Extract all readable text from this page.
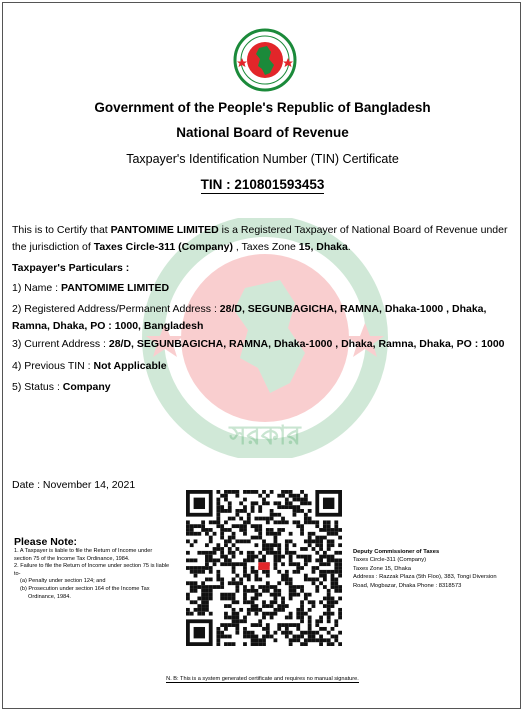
সরকার
Government of the People's Republic of Bangladesh
National Board of Revenue
Taxpayer's Identification Number (TIN) Certificate
TIN : 210801593453
This is to Certify that PANTOMIME LIMITED is a Registered Taxpayer of National Board of Revenue under the jurisdiction of Taxes Circle-311 (Company) , Taxes Zone 15, Dhaka.
Taxpayer's Particulars :
1) Name : PANTOMIME LIMITED
2) Registered Address/Permanent Address : 28/D, SEGUNBAGICHA, RAMNA, Dhaka-1000 , Dhaka, Ramna, Dhaka, PO : 1000, Bangladesh
3) Current Address : 28/D, SEGUNBAGICHA, RAMNA, Dhaka-1000 , Dhaka, Ramna, Dhaka, PO : 1000
4) Previous TIN : Not Applicable
5) Status : Company
Date : November 14, 2021
Please Note:
1. A Taxpayer is liable to file the Return of Income under
section 75 of the Income Tax Ordinance, 1984.
2. Failure to file the Return of Income under section 75 is liable
to-
(a) Penalty under section 124; and
(b) Prosecution under section 164 of the Income Tax
Ordinance, 1984.
Deputy Commissioner of Taxes
Taxes Circle-311 (Company)
Taxes Zone 15, Dhaka
Address : Razzak Plaza (5th Floo), 383, Tongi Diversion Road, Mogbazar, Dhaka Phone : 8318573
N. B: This is a system generated certificate and requires no manual signature.
